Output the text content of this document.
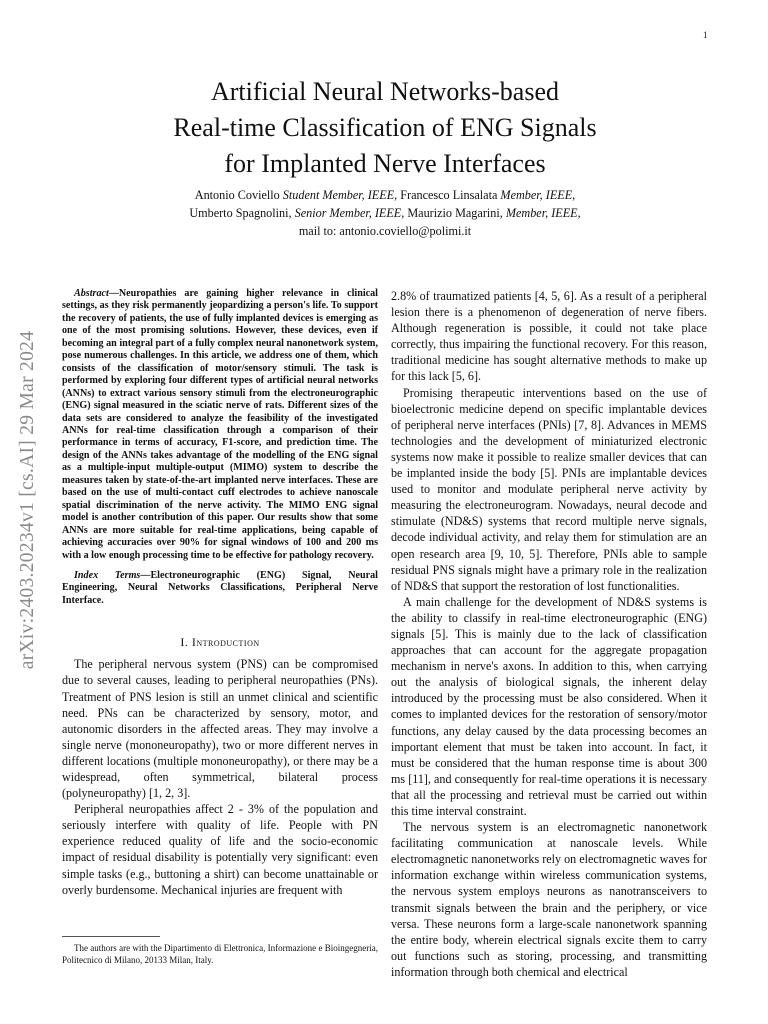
1
arXiv:2403.20234v1 [cs.AI] 29 Mar 2024
Artificial Neural Networks-based
Real-time Classification of ENG Signals
for Implanted Nerve Interfaces
Antonio Coviello Student Member, IEEE, Francesco Linsalata Member, IEEE,
Umberto Spagnolini, Senior Member, IEEE, Maurizio Magarini, Member, IEEE,
mail to: antonio.coviello@polimi.it

Abstract—Neuropathies are gaining higher relevance in clinical settings, as they risk permanently jeopardizing a person's life. To support the recovery of patients, the use of fully implanted devices is emerging as one of the most promising solutions. However, these devices, even if becoming an integral part of a fully complex neural nanonetwork system, pose numerous challenges. In this article, we address one of them, which consists of the classification of motor/sensory stimuli. The task is performed by exploring four different types of artificial neural networks (ANNs) to extract various sensory stimuli from the electroneurographic (ENG) signal measured in the sciatic nerve of rats. Different sizes of the data sets are considered to analyze the feasibility of the investigated ANNs for real-time classification through a comparison of their performance in terms of accuracy, F1-score, and prediction time. The design of the ANNs takes advantage of the modelling of the ENG signal as a multiple-input multiple-output (MIMO) system to describe the measures taken by state-of-the-art implanted nerve interfaces. These are based on the use of multi-contact cuff electrodes to achieve nanoscale spatial discrimination of the nerve activity. The MIMO ENG signal model is another contribution of this paper. Our results show that some ANNs are more suitable for real-time applications, being capable of achieving accuracies over 90% for signal windows of 100 and 200 ms with a low enough processing time to be effective for pathology recovery.

Index Terms—Electroneurographic (ENG) Signal, Neural Engineering, Neural Networks Classifications, Peripheral Nerve Interface.

I. Introduction

The peripheral nervous system (PNS) can be compromised due to several causes, leading to peripheral neuropathies (PNs). Treatment of PNS lesion is still an unmet clinical and scientific need. PNs can be characterized by sensory, motor, and autonomic disorders in the affected areas. They may involve a single nerve (mononeuropathy), two or more different nerves in different locations (multiple mononeuropathy), or there may be a widespread, often symmetrical, bilateral process (polyneuropathy) [1, 2, 3].

Peripheral neuropathies affect 2 - 3% of the population and seriously interfere with quality of life. People with PN experience reduced quality of life and the socio-economic impact of residual disability is potentially very significant: even simple tasks (e.g., buttoning a shirt) can become unattainable or overly burdensome. Mechanical injuries are frequent with

2.8% of traumatized patients [4, 5, 6]. As a result of a peripheral lesion there is a phenomenon of degeneration of nerve fibers. Although regeneration is possible, it could not take place correctly, thus impairing the functional recovery. For this reason, traditional medicine has sought alternative methods to make up for this lack [5, 6].

Promising therapeutic interventions based on the use of bioelectronic medicine depend on specific implantable devices of peripheral nerve interfaces (PNIs) [7, 8]. Advances in MEMS technologies and the development of miniaturized electronic systems now make it possible to realize smaller devices that can be implanted inside the body [5]. PNIs are implantable devices used to monitor and modulate peripheral nerve activity by measuring the electroneurogram. Nowadays, neural decode and stimulate (ND&S) systems that record multiple nerve signals, decode individual activity, and relay them for stimulation are an open research area [9, 10, 5]. Therefore, PNIs able to sample residual PNS signals might have a primary role in the realization of ND&S that support the restoration of lost functionalities.

A main challenge for the development of ND&S systems is the ability to classify in real-time electroneurographic (ENG) signals [5]. This is mainly due to the lack of classification approaches that can account for the aggregate propagation mechanism in nerve's axons. In addition to this, when carrying out the analysis of biological signals, the inherent delay introduced by the processing must be also considered. When it comes to implanted devices for the restoration of sensory/motor functions, any delay caused by the data processing becomes an important element that must be taken into account. In fact, it must be considered that the human response time is about 300 ms [11], and consequently for real-time operations it is necessary that all the processing and retrieval must be carried out within this time interval constraint.

The nervous system is an electromagnetic nanonetwork facilitating communication at nanoscale levels. While electromagnetic nanonetworks rely on electromagnetic waves for information exchange within wireless communication systems, the nervous system employs neurons as nanotransceivers to transmit signals between the brain and the periphery, or vice versa. These neurons form a large-scale nanonetwork spanning the entire body, wherein electrical signals excite them to carry out functions such as storing, processing, and transmitting information through both chemical and electrical

The authors are with the Dipartimento di Elettronica, Informazione e Bioingegneria, Politecnico di Milano, 20133 Milan, Italy.
